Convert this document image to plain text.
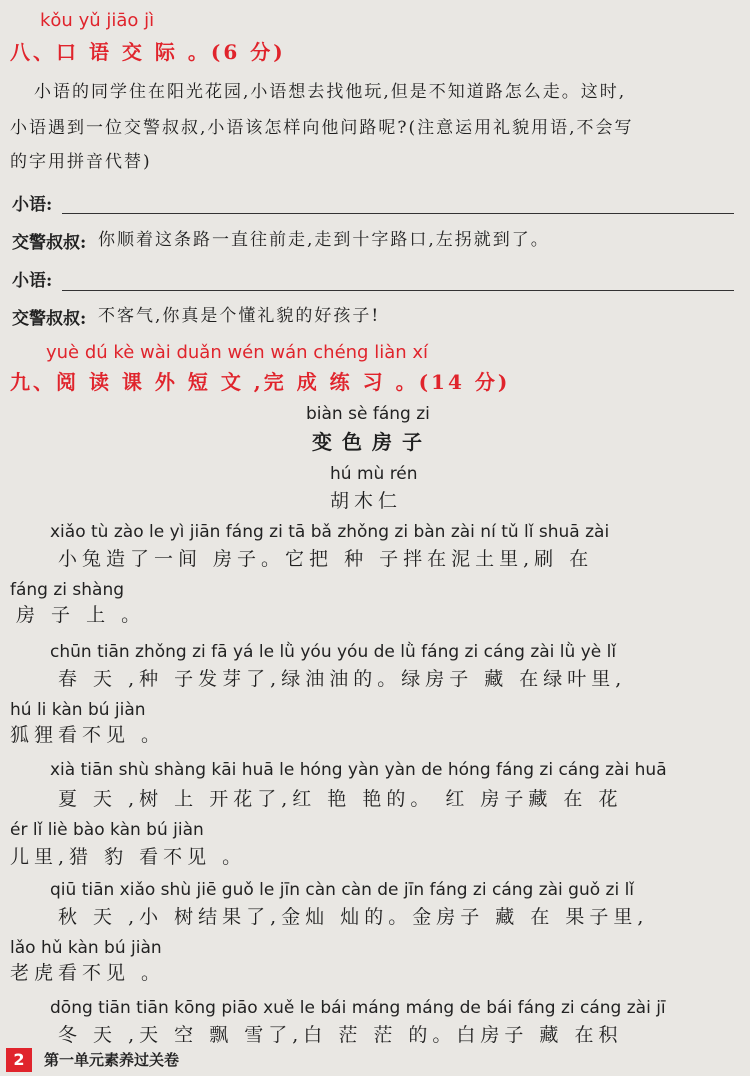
kǒu yǔ jiāo jì
八、口 语 交 际 。(6 分)
小语的同学住在阳光花园,小语想去找他玩,但是不知道路怎么走。这时,
小语遇到一位交警叔叔,小语该怎样向他问路呢?(注意运用礼貌用语,不会写
的字用拼音代替)
小语:
交警叔叔: 你顺着这条路一直往前走,走到十字路口,左拐就到了。
小语:
交警叔叔: 不客气,你真是个懂礼貌的好孩子!
yuè dú kè wài duǎn wén wán chéng liàn xí
九、阅 读 课 外 短 文 ,完 成 练 习 。(14 分)
biàn sè fáng zi
变色房子
hú mù rén
胡木仁
xiǎo tù zào le yì jiān fáng zi tā bǎ zhǒng zi bàn zài ní tǔ lǐ shuā zài
小兔造了一间 房子。它把 种 子拌在泥土里,刷 在
fáng zi shàng
房 子 上 。
chūn tiān zhǒng zi fā yá le lǜ yóu yóu de lǜ fáng zi cáng zài lǜ yè lǐ
春 天 ,种 子发芽了,绿油油的。绿房子 藏 在绿叶里,
hú li kàn bú jiàn
狐狸看不见 。
xià tiān shù shàng kāi huā le hóng yàn yàn de hóng fáng zi cáng zài huā
夏 天 ,树 上 开花了,红 艳 艳的。 红 房子藏 在 花
ér lǐ liè bào kàn bú jiàn
儿里,猎 豹 看不见 。
qiū tiān xiǎo shù jiē guǒ le jīn càn càn de jīn fáng zi cáng zài guǒ zi lǐ
秋 天 ,小 树结果了,金灿 灿的。金房子 藏 在 果子里,
lǎo hǔ kàn bú jiàn
老虎看不见 。
dōng tiān tiān kōng piāo xuě le bái máng máng de bái fáng zi cáng zài jī
冬 天 ,天 空 飘 雪了,白 茫 茫 的。白房子 藏 在积
2	第一单元素养过关卷
